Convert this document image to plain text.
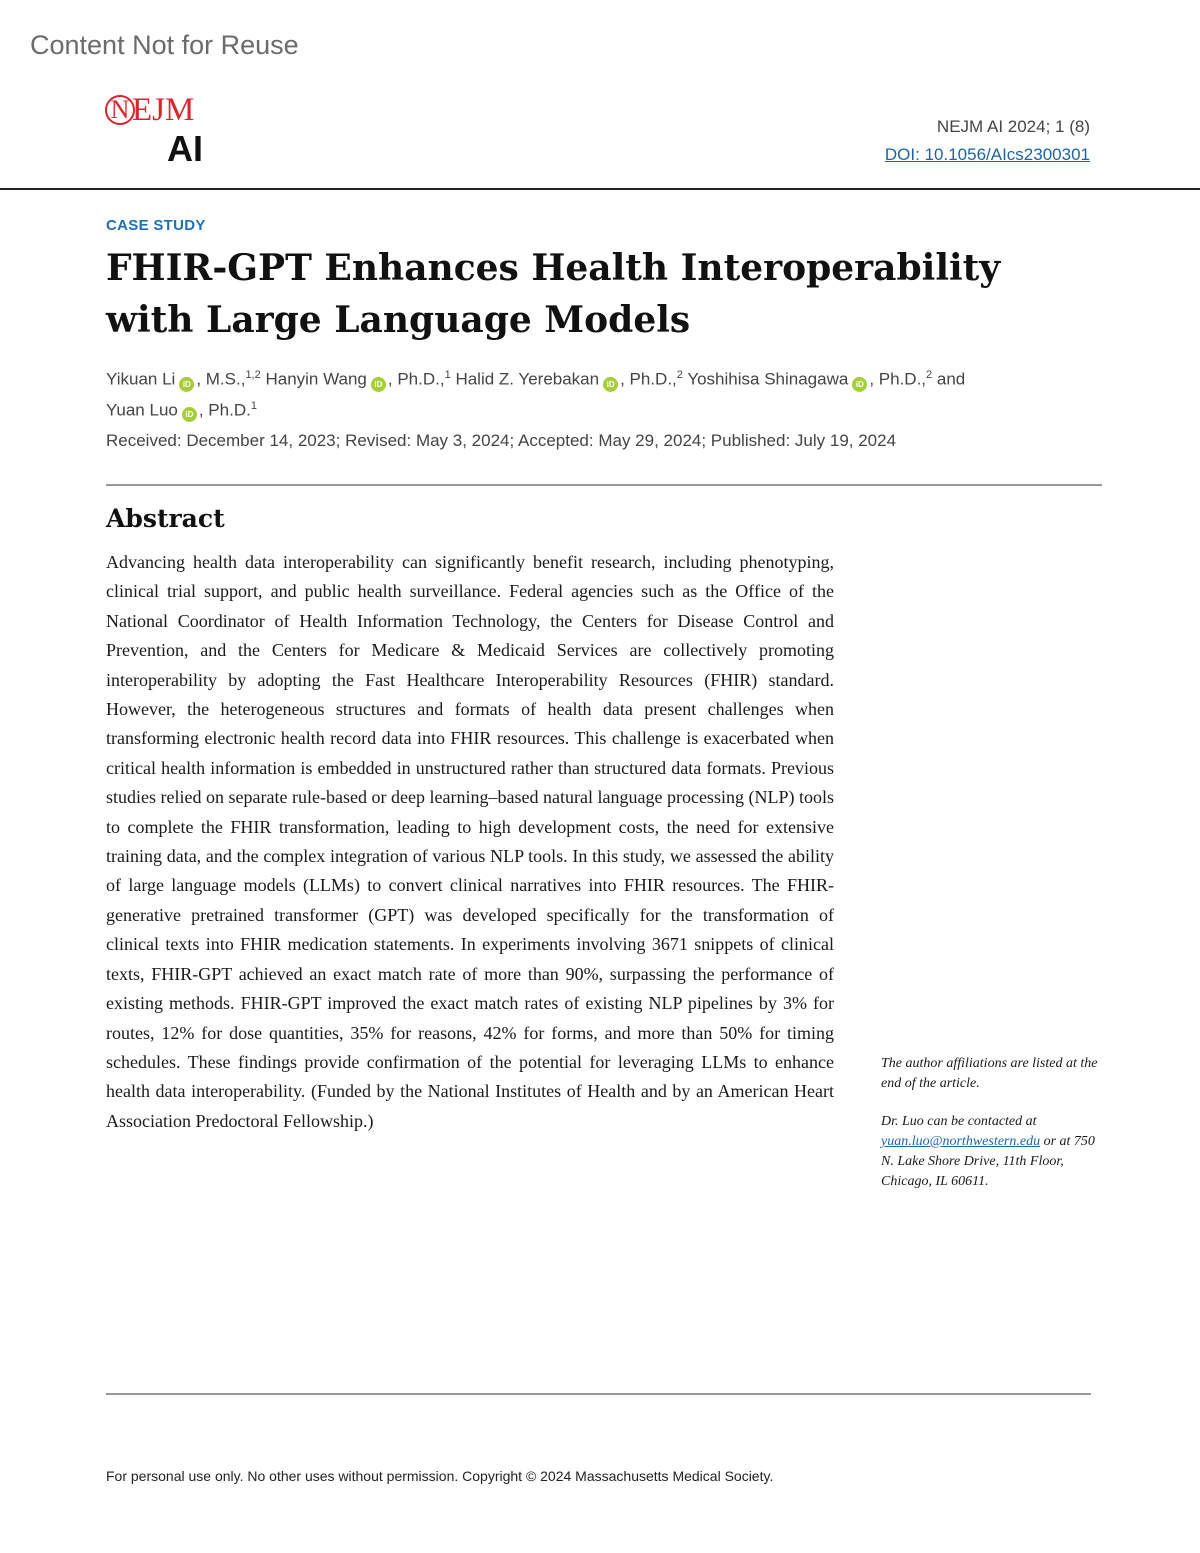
Content Not for Reuse
N EJM
AI
NEJM AI 2024; 1 (8)
DOI: 10.1056/AIcs2300301
CASE STUDY
FHIR-GPT Enhances Health Interoperability with Large Language Models
Yikuan Li iD , M.S.,$^{1,2}$ Hanyin Wang iD , Ph.D.,$^1$ Halid Z. Yerebakan iD , Ph.D.,$^2$ Yoshihisa Shinagawa iD , Ph.D.,$^2$ and
Yuan Luo iD , Ph.D.$^1$
Received: December 14, 2023; Revised: May 3, 2024; Accepted: May 29, 2024; Published: July 19, 2024
Abstract

Advancing health data interoperability can significantly benefit research, including phenotyping, clinical trial support, and public health surveillance. Federal agencies such as the Office of the National Coordinator of Health Information Technology, the Centers for Disease Control and Prevention, and the Centers for Medicare & Medicaid Services are collectively promoting interoperability by adopting the Fast Healthcare Interoperability Resources (FHIR) standard. However, the heterogeneous structures and formats of health data present challenges when transforming electronic health record data into FHIR resources. This challenge is exacerbated when critical health information is embedded in unstructured rather than structured data formats. Previous studies relied on separate rule-based or deep learning–based natural language processing (NLP) tools to complete the FHIR transformation, leading to high development costs, the need for extensive training data, and the complex integration of various NLP tools. In this study, we assessed the ability of large language models (LLMs) to convert clinical narratives into FHIR resources. The FHIR-generative pretrained transformer (GPT) was developed specifically for the transformation of clinical texts into FHIR medication statements. In experiments involving 3671 snippets of clinical texts, FHIR-GPT achieved an exact match rate of more than 90%, surpassing the performance of existing methods. FHIR-GPT improved the exact match rates of existing NLP pipelines by 3% for routes, 12% for dose quantities, 35% for reasons, 42% for forms, and more than 50% for timing schedules. These findings provide confirmation of the potential for leveraging LLMs to enhance health data interoperability. (Funded by the National Institutes of Health and by an American Heart Association Predoctoral Fellowship.)

The author affiliations are listed at the end of the article.
Dr. Luo can be contacted at yuan.luo@northwestern.edu or at 750 N. Lake Shore Drive, 11th Floor, Chicago, IL 60611.
For personal use only. No other uses without permission. Copyright © 2024 Massachusetts Medical Society.
